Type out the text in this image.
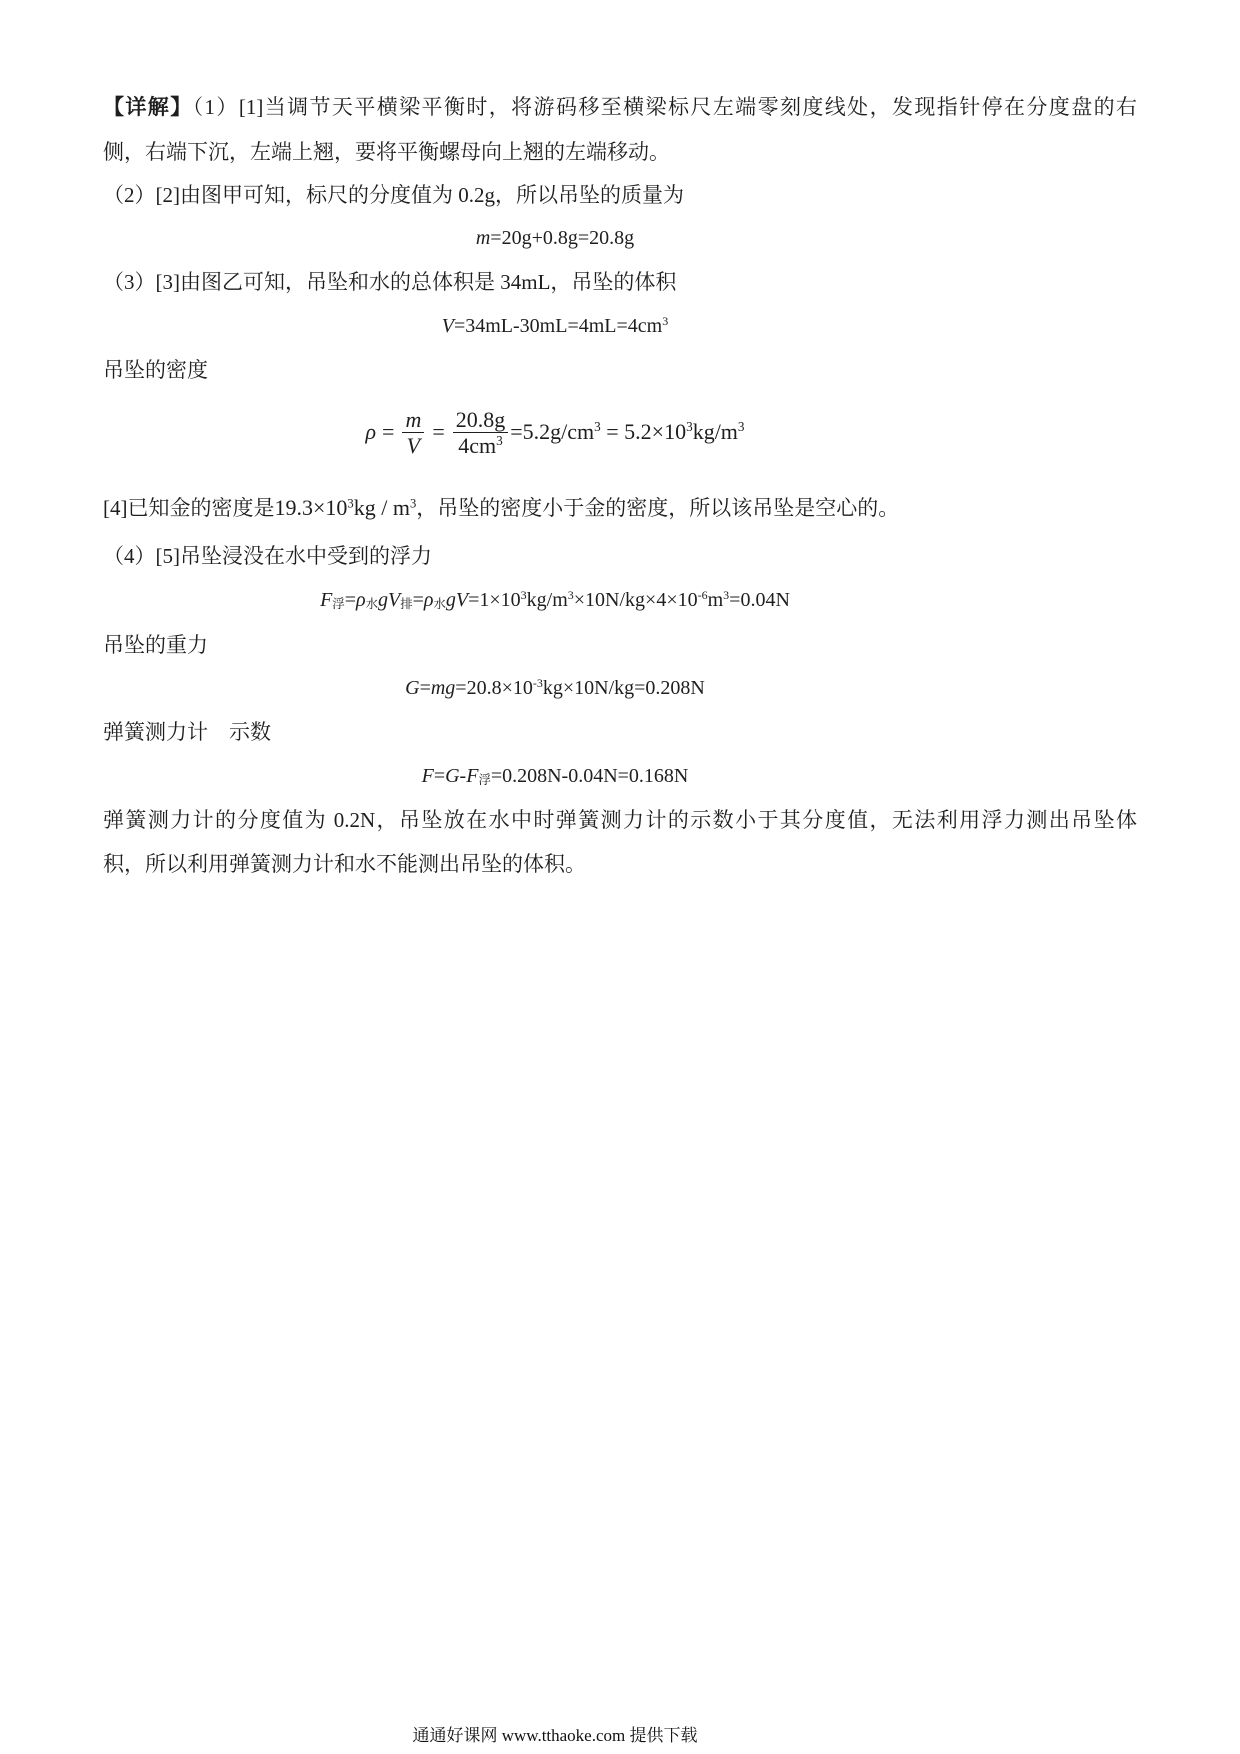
【详解】（1）[1]当调节天平横梁平衡时，将游码移至横梁标尺左端零刻度线处，发现指针停在分度盘的右
侧，右端下沉，左端上翘，要将平衡螺母向上翘的左端移动。
（2）[2]由图甲可知，标尺的分度值为 0.2g，所以吊坠的质量为
m=20g+0.8g=20.8g
（3）[3]由图乙可知，吊坠和水的总体积是 34mL，吊坠的体积
$V=34mL-30mL=4mL=4cm^3$
吊坠的密度
$\rho = \frac{m}{V} = \frac{20.8g}{4cm^3} =5.2g/cm^3 = 5.2\times 10^3kg/m^3$
[4]已知金的密度是$19.3\times 10^3kg / m^3$，吊坠的密度小于金的密度，所以该吊坠是空心的。
（4）[5]吊坠浸没在水中受到的浮力
$F_浮=\rho_水gV_排=\rho_水gV=1\times 10^3kg/m^3\times 10N/kg\times 4\times 10^{-6}m^3=0.04N$
吊坠的重力
$G=mg=20.8\times 10^{-3}kg\times 10N/kg=0.208N$
弹簧测力计　示数
$F=G-F_浮=0.208N-0.04N=0.168N$
弹簧测力计的分度值为 0.2N，吊坠放在水中时弹簧测力计的示数小于其分度值，无法利用浮力测出吊坠体
积，所以利用弹簧测力计和水不能测出吊坠的体积。
通通好课网 www.tthaoke.com 提供下载
